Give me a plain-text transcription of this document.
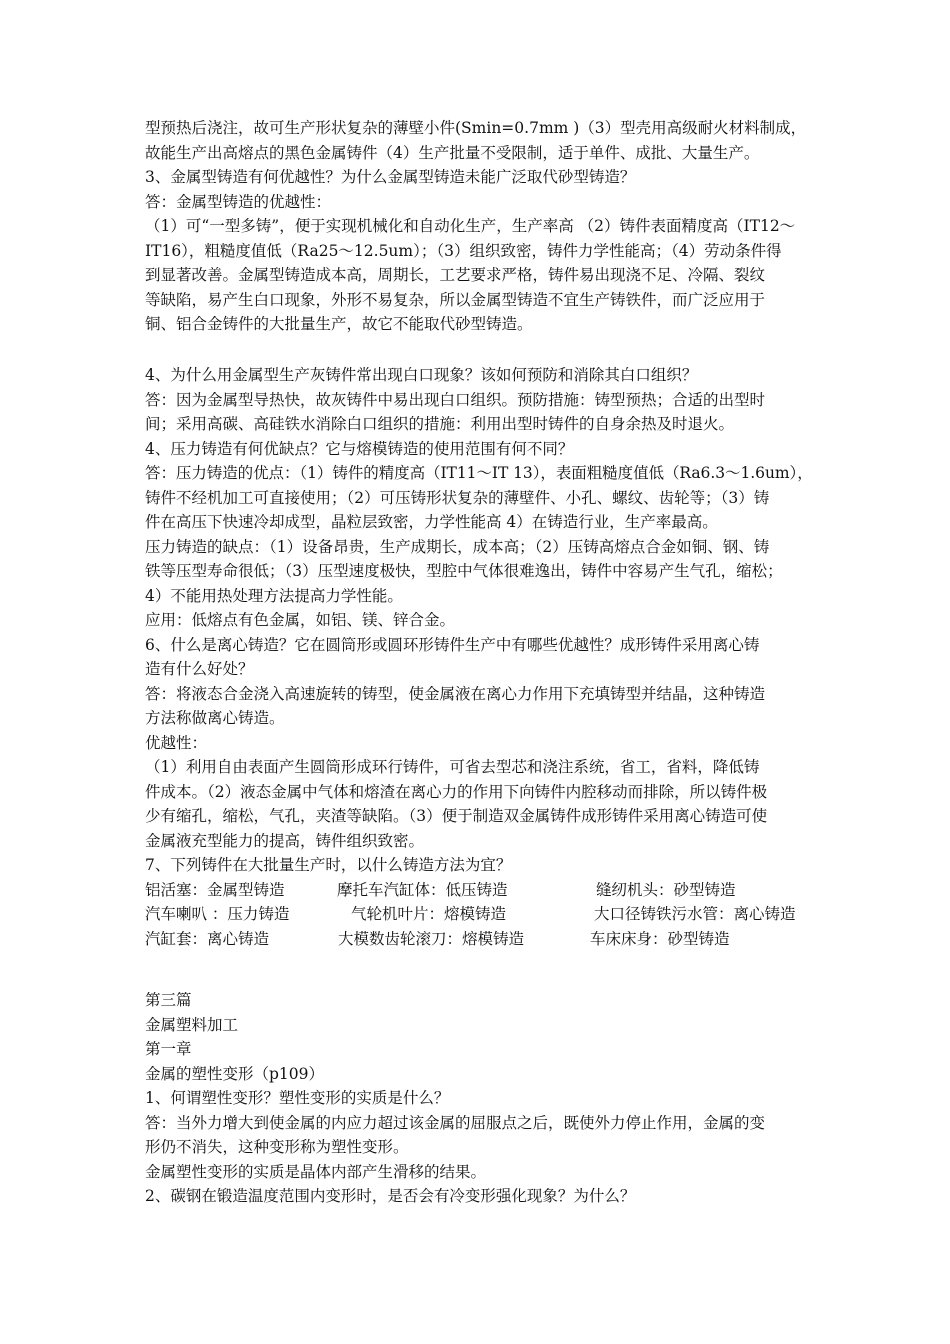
型预热后浇注，故可生产形状复杂的薄壁小件(Smin=0.7mm )（3）型壳用高级耐火材料制成，
故能生产出高熔点的黑色金属铸件（4）生产批量不受限制，适于单件、成批、大量生产。
3、金属型铸造有何优越性？为什么金属型铸造未能广泛取代砂型铸造？
答：金属型铸造的优越性：
（1）可“一型多铸”，便于实现机械化和自动化生产，生产率高 （2）铸件表面精度高（IT12～
IT16），粗糙度值低（Ra25～12.5um）；（3）组织致密，铸件力学性能高；（4）劳动条件得
到显著改善。金属型铸造成本高，周期长，工艺要求严格，铸件易出现浇不足、冷隔、裂纹
等缺陷，易产生白口现象，外形不易复杂，所以金属型铸造不宜生产铸铁件，而广泛应用于
铜、铝合金铸件的大批量生产，故它不能取代砂型铸造。
4、为什么用金属型生产灰铸件常出现白口现象？该如何预防和消除其白口组织？
答：因为金属型导热快，故灰铸件中易出现白口组织。预防措施：铸型预热；合适的出型时
间；采用高碳、高硅铁水消除白口组织的措施：利用出型时铸件的自身余热及时退火。
4、压力铸造有何优缺点？它与熔模铸造的使用范围有何不同？
答：压力铸造的优点：（1）铸件的精度高（IT11～IT 13），表面粗糙度值低（Ra6.3～1.6um），
铸件不经机加工可直接使用；（2）可压铸形状复杂的薄壁件、小孔、螺纹、齿轮等；（3）铸
件在高压下快速冷却成型，晶粒层致密，力学性能高 4）在铸造行业，生产率最高。
压力铸造的缺点：（1）设备昂贵，生产成期长，成本高；（2）压铸高熔点合金如铜、钢、铸
铁等压型寿命很低；（3）压型速度极快，型腔中气体很难逸出，铸件中容易产生气孔，缩松；
4）不能用热处理方法提高力学性能。
应用：低熔点有色金属，如铝、镁、锌合金。
6、什么是离心铸造？它在圆筒形或圆环形铸件生产中有哪些优越性？成形铸件采用离心铸
造有什么好处？
答：将液态合金浇入高速旋转的铸型，使金属液在离心力作用下充填铸型并结晶，这种铸造
方法称做离心铸造。
优越性：
（1）利用自由表面产生圆筒形成环行铸件，可省去型芯和浇注系统，省工，省料，降低铸
件成本。（2）液态金属中气体和熔渣在离心力的作用下向铸件内腔移动而排除，所以铸件极
少有缩孔，缩松，气孔，夹渣等缺陷。（3）便于制造双金属铸件成形铸件采用离心铸造可使
金属液充型能力的提高，铸件组织致密。
7、下列铸件在大批量生产时，以什么铸造方法为宜？
铝活塞：金属型铸造	摩托车汽缸体：低压铸造	缝纫机头：砂型铸造
汽车喇叭 ：压力铸造	气轮机叶片：熔模铸造	大口径铸铁污水管：离心铸造
汽缸套：离心铸造	大模数齿轮滚刀：熔模铸造	车床床身：砂型铸造
第三篇
金属塑料加工
第一章
金属的塑性变形（p109）
1、何谓塑性变形？塑性变形的实质是什么？
答：当外力增大到使金属的内应力超过该金属的屈服点之后，既使外力停止作用，金属的变
形仍不消失，这种变形称为塑性变形。
金属塑性变形的实质是晶体内部产生滑移的结果。
2、碳钢在锻造温度范围内变形时，是否会有冷变形强化现象？为什么？
